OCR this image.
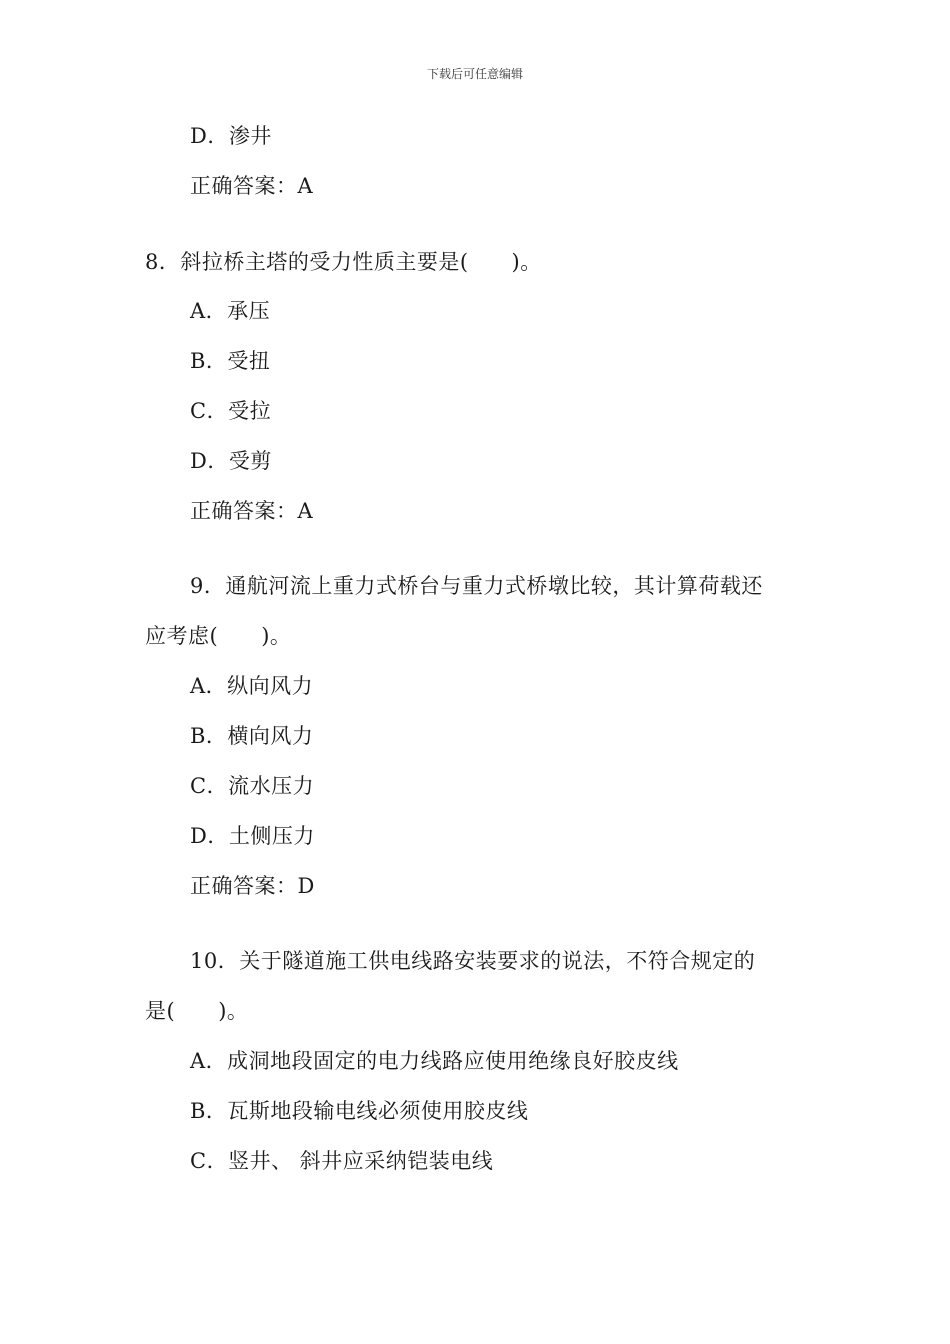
下载后可任意编辑
D．渗井
正确答案：A
8．斜拉桥主塔的受力性质主要是(　　)。
A．承压
B．受扭
C．受拉
D．受剪
正确答案：A
9．通航河流上重力式桥台与重力式桥墩比较，其计算荷载还
应考虑(　　)。
A．纵向风力
B．横向风力
C．流水压力
D．土侧压力
正确答案：D
10．关于隧道施工供电线路安装要求的说法，不符合规定的
是(　　)。
A．成洞地段固定的电力线路应使用绝缘良好胶皮线
B．瓦斯地段输电线必须使用胶皮线
C．竖井、 斜井应采纳铠装电线
